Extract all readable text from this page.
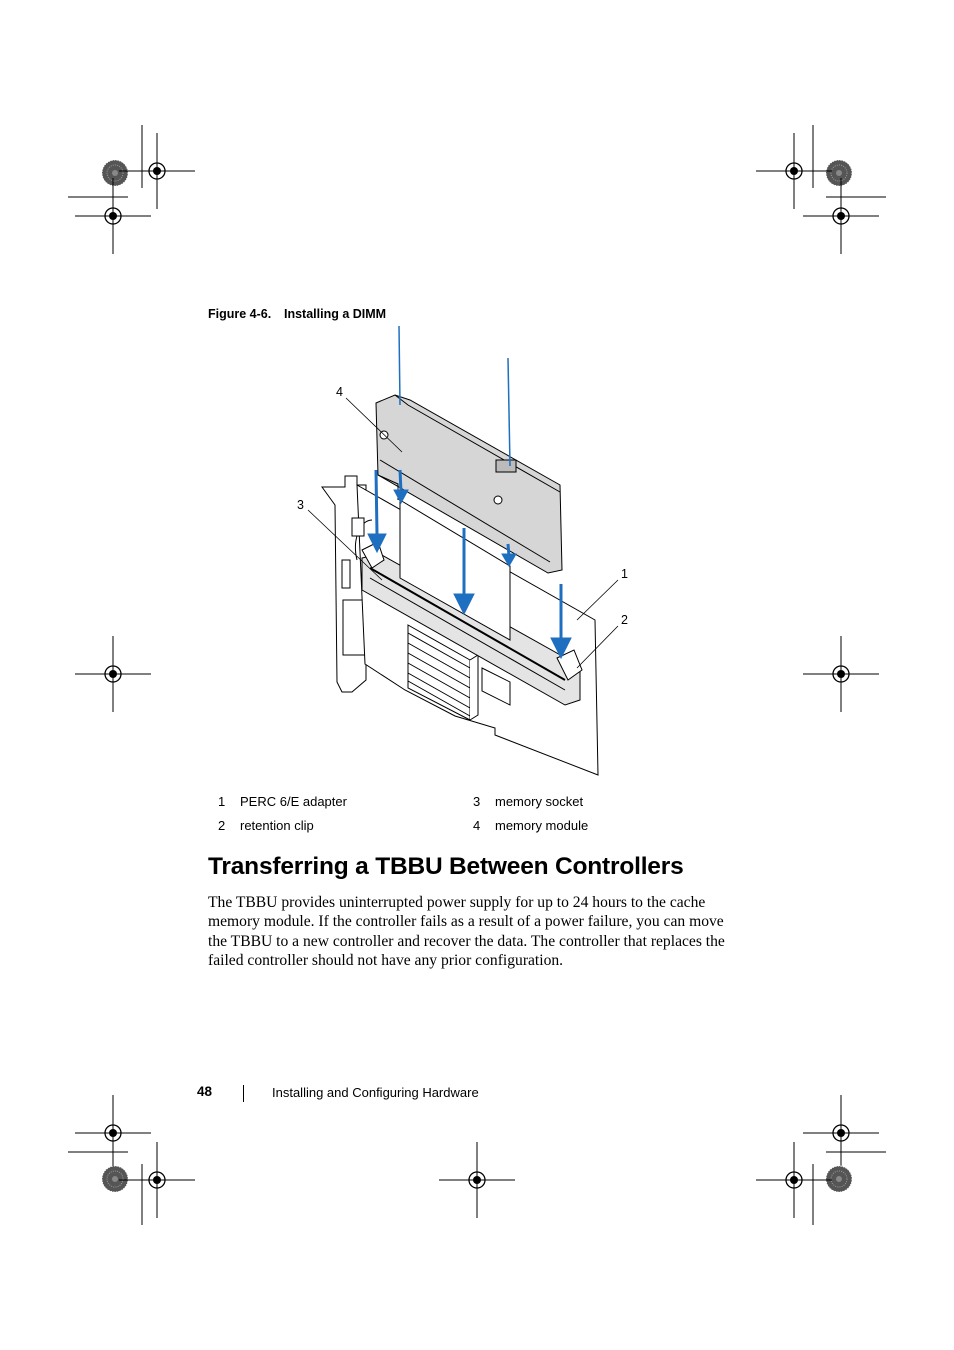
Figure 4-6. Installing a DIMM
4
3
1
2
1 PERC 6/E adapter
2 retention clip
3 memory socket
4 memory module
Transferring a TBBU Between Controllers

The TBBU provides uninterrupted power supply for up to 24 hours to the cache memory module. If the controller fails as a result of a power failure, you can move the TBBU to a new controller and recover the data. The controller that replaces the failed controller should not have any prior configuration.

48	Installing and Configuring Hardware
